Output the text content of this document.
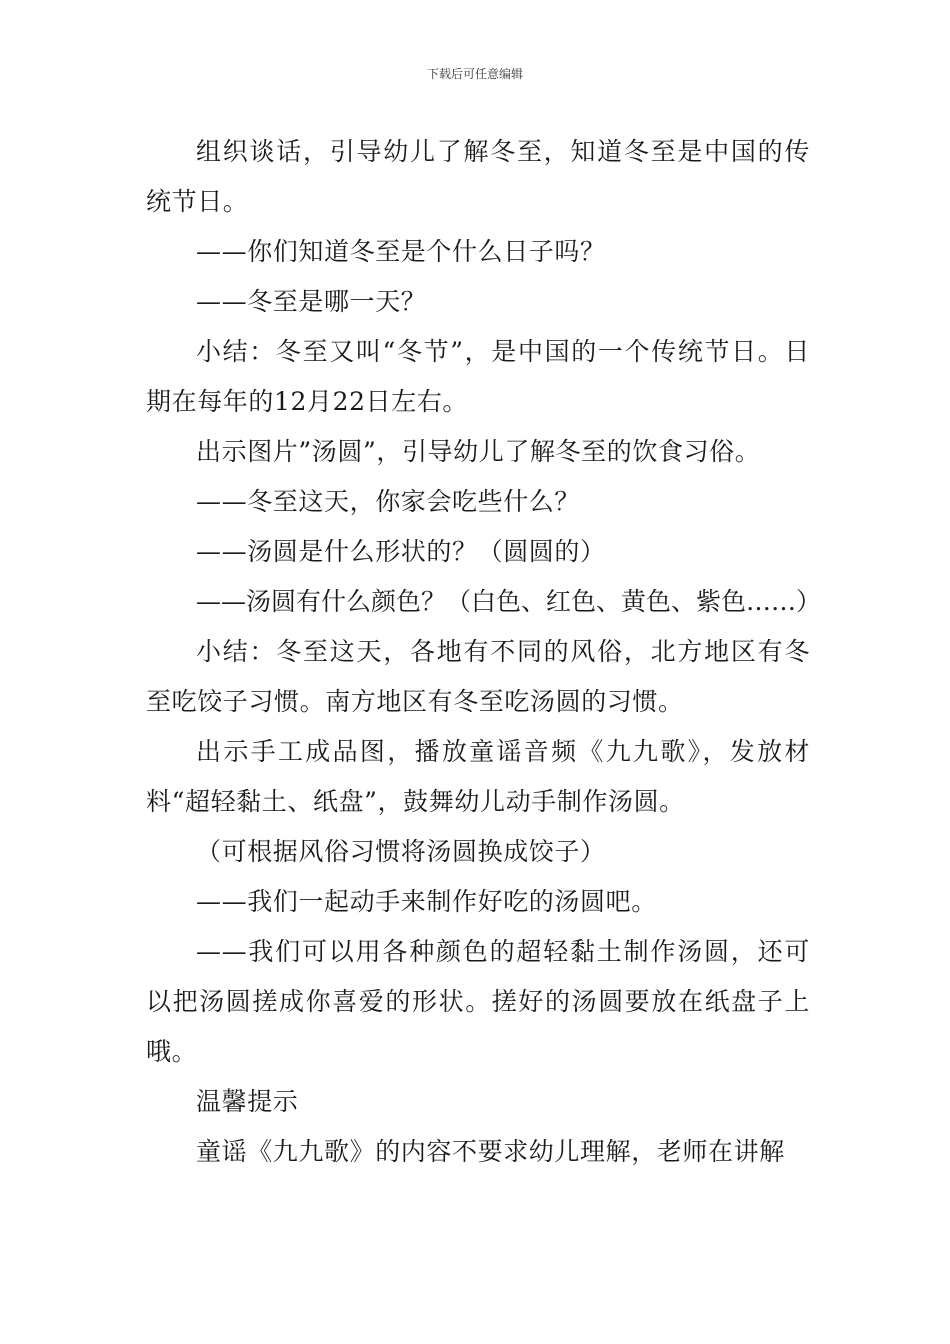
下载后可任意编辑

组织谈话，引导幼儿了解冬至，知道冬至是中国的传统节日。

——你们知道冬至是个什么日子吗？

——冬至是哪一天？

小结：冬至又叫“冬节”，是中国的一个传统节日。日期在每年的12月22日左右。

出示图片”汤圆”，引导幼儿了解冬至的饮食习俗。

——冬至这天，你家会吃些什么？

——汤圆是什么形状的？（圆圆的）

——汤圆有什么颜色？（白色、红色、黄色、紫色……）

小结：冬至这天，各地有不同的风俗，北方地区有冬至吃饺子习惯。南方地区有冬至吃汤圆的习惯。

出示手工成品图，播放童谣音频《九九歌》，发放材料“超轻黏土、纸盘”，鼓舞幼儿动手制作汤圆。

（可根据风俗习惯将汤圆换成饺子）

——我们一起动手来制作好吃的汤圆吧。

——我们可以用各种颜色的超轻黏土制作汤圆，还可以把汤圆搓成你喜爱的形状。搓好的汤圆要放在纸盘子上哦。

温馨提示

童谣《九九歌》的内容不要求幼儿理解，老师在讲解
